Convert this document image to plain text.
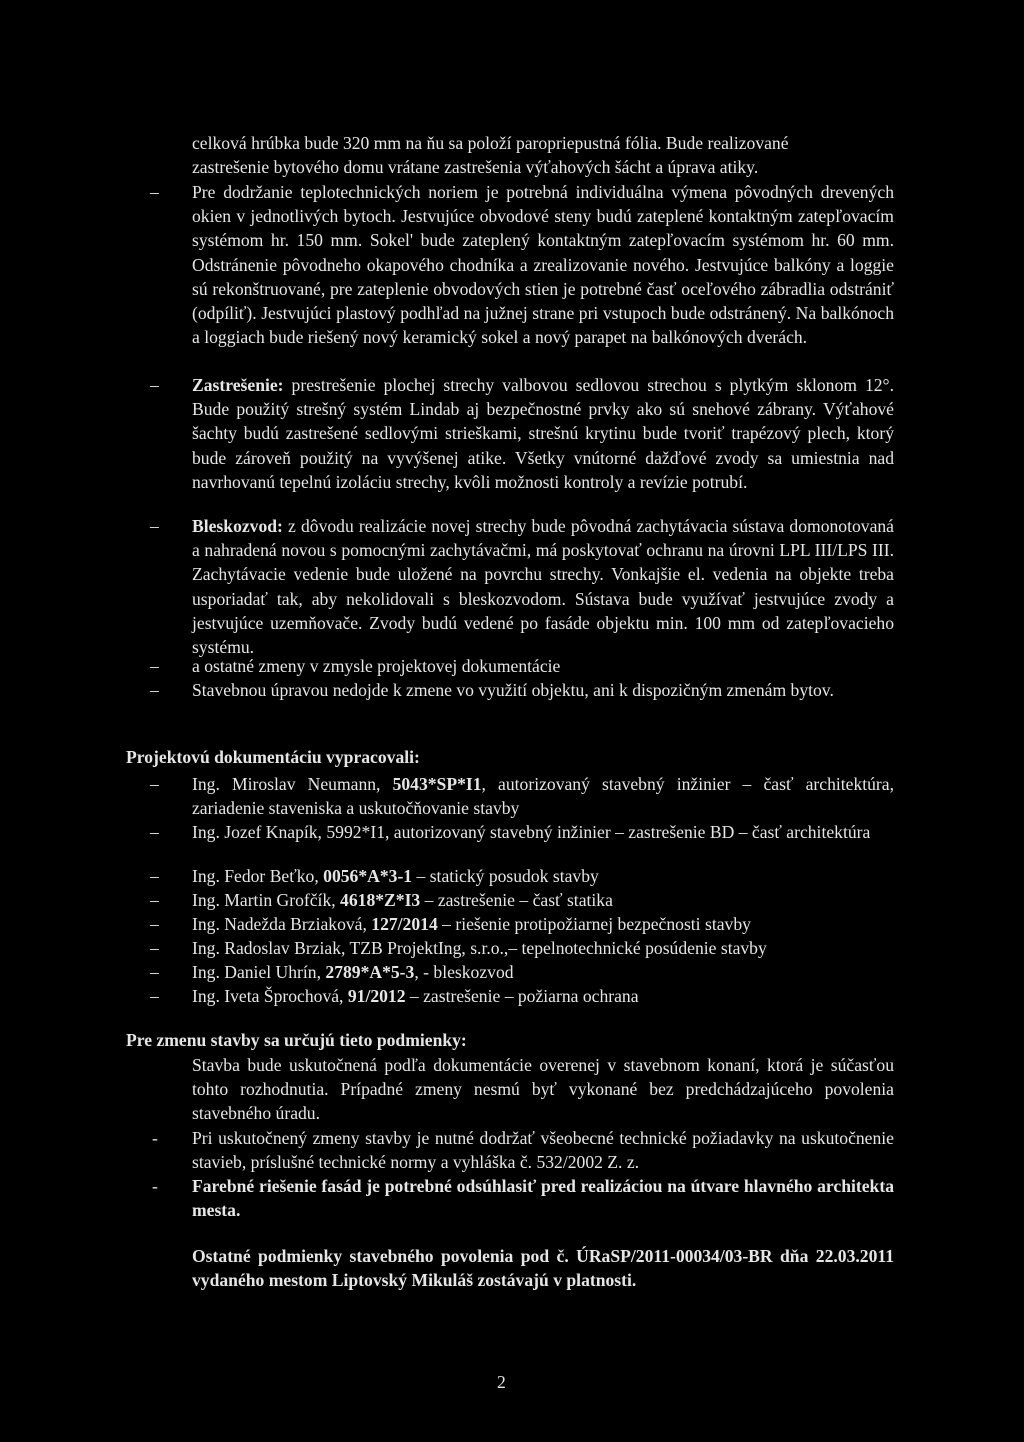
celková hrúbka bude 320 mm na ňu sa položí paropriepustná fólia. Bude realizované
zastrešenie bytového domu vrátane zastrešenia výťahových šácht a úprava atiky.
– Pre dodržanie teplotechnických noriem je potrebná individuálna výmena pôvodných drevených okien v jednotlivých bytoch. Jestvujúce obvodové steny budú zateplené kontaktným zatepľovacím systémom hr. 150 mm. Sokel' bude zateplený kontaktným zatepľovacím systémom hr. 60 mm. Odstránenie pôvodneho okapového chodníka a zrealizovanie nového. Jestvujúce balkóny a loggie sú rekonštruované, pre zateplenie obvodových stien je potrebné časť oceľového zábradlia odstrániť (odpíliť). Jestvujúci plastový podhľad na južnej strane pri vstupoch bude odstránený. Na balkónoch a loggiach bude riešený nový keramický sokel a nový parapet na balkónových dverách.
– Zastrešenie: prestrešenie plochej strechy valbovou sedlovou strechou s plytkým sklonom 12°. Bude použitý strešný systém Lindab aj bezpečnostné prvky ako sú snehové zábrany. Výťahové šachty budú zastrešené sedlovými strieškami, strešnú krytinu bude tvoriť trapézový plech, ktorý bude zároveň použitý na vyvýšenej atike. Všetky vnútorné dažďové zvody sa umiestnia nad navrhovanú tepelnú izoláciu strechy, kvôli možnosti kontroly a revízie potrubí.
– Bleskozvod: z dôvodu realizácie novej strechy bude pôvodná zachytávacia sústava domonotovaná a nahradená novou s pomocnými zachytávačmi, má poskytovať ochranu na úrovni LPL III/LPS III. Zachytávacie vedenie bude uložené na povrchu strechy. Vonkajšie el. vedenia na objekte treba usporiadať tak, aby nekolidovali s bleskozvodom. Sústava bude využívať jestvujúce zvody a jestvujúce uzemňovače. Zvody budú vedené po fasáde objektu min. 100 mm od zatepľovacieho systému.
– a ostatné zmeny v zmysle projektovej dokumentácie
– Stavebnou úpravou nedojde k zmene vo využití objektu, ani k dispozičným zmenám bytov.
Projektovú dokumentáciu vypracovali:
– Ing. Miroslav Neumann, 5043*SP*I1, autorizovaný stavebný inžinier – časť architektúra, zariadenie staveniska a uskutočňovanie stavby
– Ing. Jozef Knapík, 5992*I1, autorizovaný stavebný inžinier – zastrešenie BD – časť architektúra
– Ing. Fedor Beťko, 0056*A*3-1 – statický posudok stavby
– Ing. Martin Grofčík, 4618*Z*I3 – zastrešenie – časť statika
– Ing. Nadežda Brziaková, 127/2014 – riešenie protipožiarnej bezpečnosti stavby
– Ing. Radoslav Brziak, TZB ProjektIng, s.r.o.,– tepelnotechnické posúdenie stavby
– Ing. Daniel Uhrín, 2789*A*5-3, - bleskozvod
– Ing. Iveta Šprochová, 91/2012 – zastrešenie – požiarna ochrana
Pre zmenu stavby sa určujú tieto podmienky:
Stavba bude uskutočnená podľa dokumentácie overenej v stavebnom konaní, ktorá je súčasťou tohto rozhodnutia. Prípadné zmeny nesmú byť vykonané bez predchádzajúceho povolenia stavebného úradu.
- Pri uskutočnený zmeny stavby je nutné dodržať všeobecné technické požiadavky na uskutočnenie stavieb, príslušné technické normy a vyhláška č. 532/2002 Z. z.
- Farebné riešenie fasád je potrebné odsúhlasiť pred realizáciou na útvare hlavného architekta mesta.
Ostatné podmienky stavebného povolenia pod č. ÚRaSP/2011-00034/03-BR dňa 22.03.2011 vydaného mestom Liptovský Mikuláš zostávajú v platnosti.
2
